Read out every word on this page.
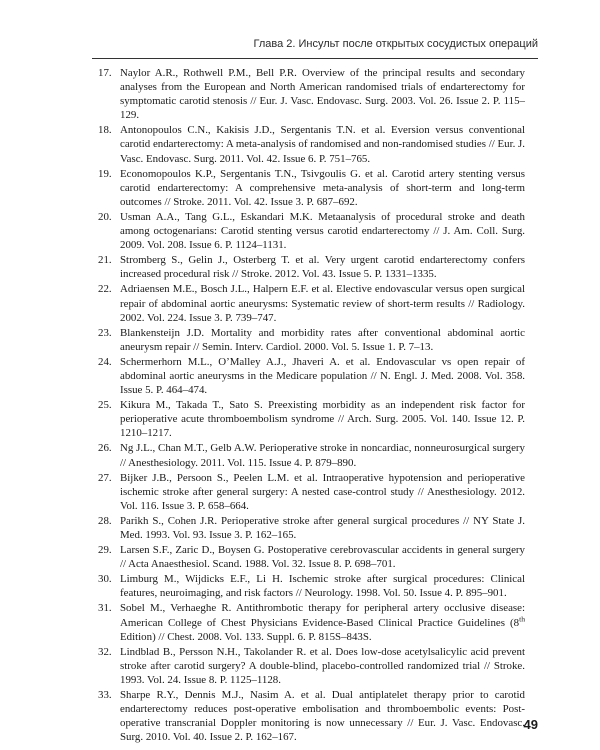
Глава 2. Инсульт после открытых сосудистых операций
17. Naylor A.R., Rothwell P.M., Bell P.R. Overview of the principal results and secondary analyses from the European and North American randomised trials of endarterectomy for symptomatic carotid stenosis // Eur. J. Vasc. Endovasc. Surg. 2003. Vol. 26. Issue 2. P. 115–129.
18. Antonopoulos C.N., Kakisis J.D., Sergentanis T.N. et al. Eversion versus conventional carotid endarterectomy: A meta-analysis of randomised and non-randomised studies // Eur. J. Vasc. Endovasc. Surg. 2011. Vol. 42. Issue 6. P. 751–765.
19. Economopoulos K.P., Sergentanis T.N., Tsivgoulis G. et al. Carotid artery stenting versus carotid endarterectomy: A comprehensive meta-analysis of short-term and long-term outcomes // Stroke. 2011. Vol. 42. Issue 3. P. 687–692.
20. Usman A.A., Tang G.L., Eskandari M.K. Metaanalysis of procedural stroke and death among octogenarians: Carotid stenting versus carotid endarterectomy // J. Am. Coll. Surg. 2009. Vol. 208. Issue 6. P. 1124–1131.
21. Stromberg S., Gelin J., Osterberg T. et al. Very urgent carotid endarterectomy confers increased procedural risk // Stroke. 2012. Vol. 43. Issue 5. P. 1331–1335.
22. Adriaensen M.E., Bosch J.L., Halpern E.F. et al. Elective endovascular versus open surgical repair of abdominal aortic aneurysms: Systematic review of short-term results // Radiology. 2002. Vol. 224. Issue 3. P. 739–747.
23. Blankensteijn J.D. Mortality and morbidity rates after conventional abdominal aortic aneurysm repair // Semin. Interv. Cardiol. 2000. Vol. 5. Issue 1. P. 7–13.
24. Schermerhorn M.L., O’Malley A.J., Jhaveri A. et al. Endovascular vs open repair of abdominal aortic aneurysms in the Medicare population // N. Engl. J. Med. 2008. Vol. 358. Issue 5. P. 464–474.
25. Kikura M., Takada T., Sato S. Preexisting morbidity as an independent risk factor for perioperative acute thromboembolism syndrome // Arch. Surg. 2005. Vol. 140. Issue 12. P. 1210–1217.
26. Ng J.L., Chan M.T., Gelb A.W. Perioperative stroke in noncardiac, nonneurosurgical surgery // Anesthesiology. 2011. Vol. 115. Issue 4. P. 879–890.
27. Bijker J.B., Persoon S., Peelen L.M. et al. Intraoperative hypotension and perioperative ischemic stroke after general surgery: A nested case-control study // Anesthesiology. 2012. Vol. 116. Issue 3. P. 658–664.
28. Parikh S., Cohen J.R. Perioperative stroke after general surgical procedures // NY State J. Med. 1993. Vol. 93. Issue 3. P. 162–165.
29. Larsen S.F., Zaric D., Boysen G. Postoperative cerebrovascular accidents in general surgery // Acta Anaesthesiol. Scand. 1988. Vol. 32. Issue 8. P. 698–701.
30. Limburg M., Wijdicks E.F., Li H. Ischemic stroke after surgical procedures: Clinical features, neuroimaging, and risk factors // Neurology. 1998. Vol. 50. Issue 4. P. 895–901.
31. Sobel M., Verhaeghe R. Antithrombotic therapy for peripheral artery occlusive disease: American College of Chest Physicians Evidence-Based Clinical Practice Guidelines (8th Edition) // Chest. 2008. Vol. 133. Suppl. 6. P. 815S–843S.
32. Lindblad B., Persson N.H., Takolander R. et al. Does low-dose acetylsalicylic acid prevent stroke after carotid surgery? A double-blind, placebo-controlled randomized trial // Stroke. 1993. Vol. 24. Issue 8. P. 1125–1128.
33. Sharpe R.Y., Dennis M.J., Nasim A. et al. Dual antiplatelet therapy prior to carotid endarterectomy reduces post-operative embolisation and thromboembolic events: Post-operative transcranial Doppler monitoring is now unnecessary // Eur. J. Vasc. Endovasc. Surg. 2010. Vol. 40. Issue 2. P. 162–167.
49
